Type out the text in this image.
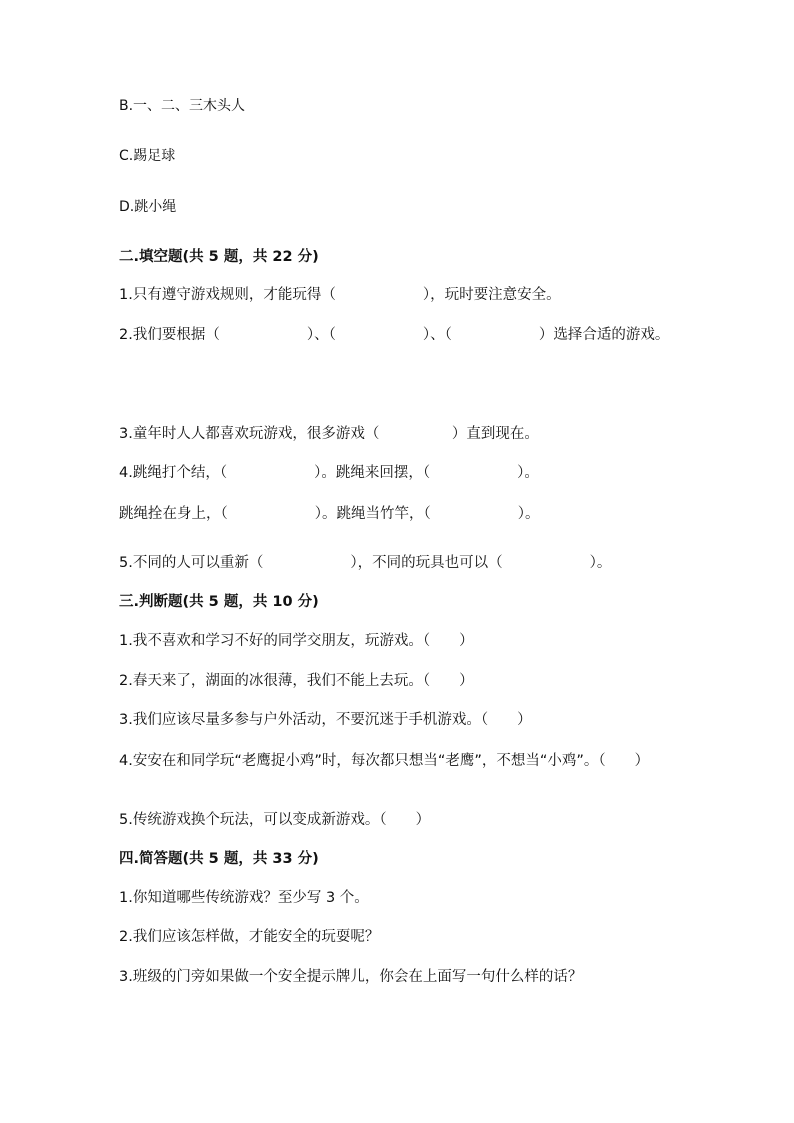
B.一、二、三木头人

C.踢足球

D.跳小绳

二.填空题(共 5 题，共 22 分)

1.只有遵守游戏规则，才能玩得（　　　　　　），玩时要注意安全。

2.我们要根据（　　　　　　）、（　　　　　　）、（　　　　　　）选择合适的游戏。

3.童年时人人都喜欢玩游戏，很多游戏（　　　　　）直到现在。

4.跳绳打个结，（　　　　　　）。跳绳来回摆，（　　　　　　）。

跳绳拴在身上，（　　　　　　）。跳绳当竹竿，（　　　　　　）。

5.不同的人可以重新（　　　　　　），不同的玩具也可以（　　　　　　）。

三.判断题(共 5 题，共 10 分)

1.我不喜欢和学习不好的同学交朋友，玩游戏。（　　）

2.春天来了，湖面的冰很薄，我们不能上去玩。（　　）

3.我们应该尽量多参与户外活动，不要沉迷于手机游戏。（　　）

4.安安在和同学玩“老鹰捉小鸡”时，每次都只想当“老鹰”，不想当“小鸡”。（　　）

5.传统游戏换个玩法，可以变成新游戏。（　　）

四.简答题(共 5 题，共 33 分)

1.你知道哪些传统游戏？至少写 3 个。

2.我们应该怎样做，才能安全的玩耍呢？

3.班级的门旁如果做一个安全提示牌儿，你会在上面写一句什么样的话？
